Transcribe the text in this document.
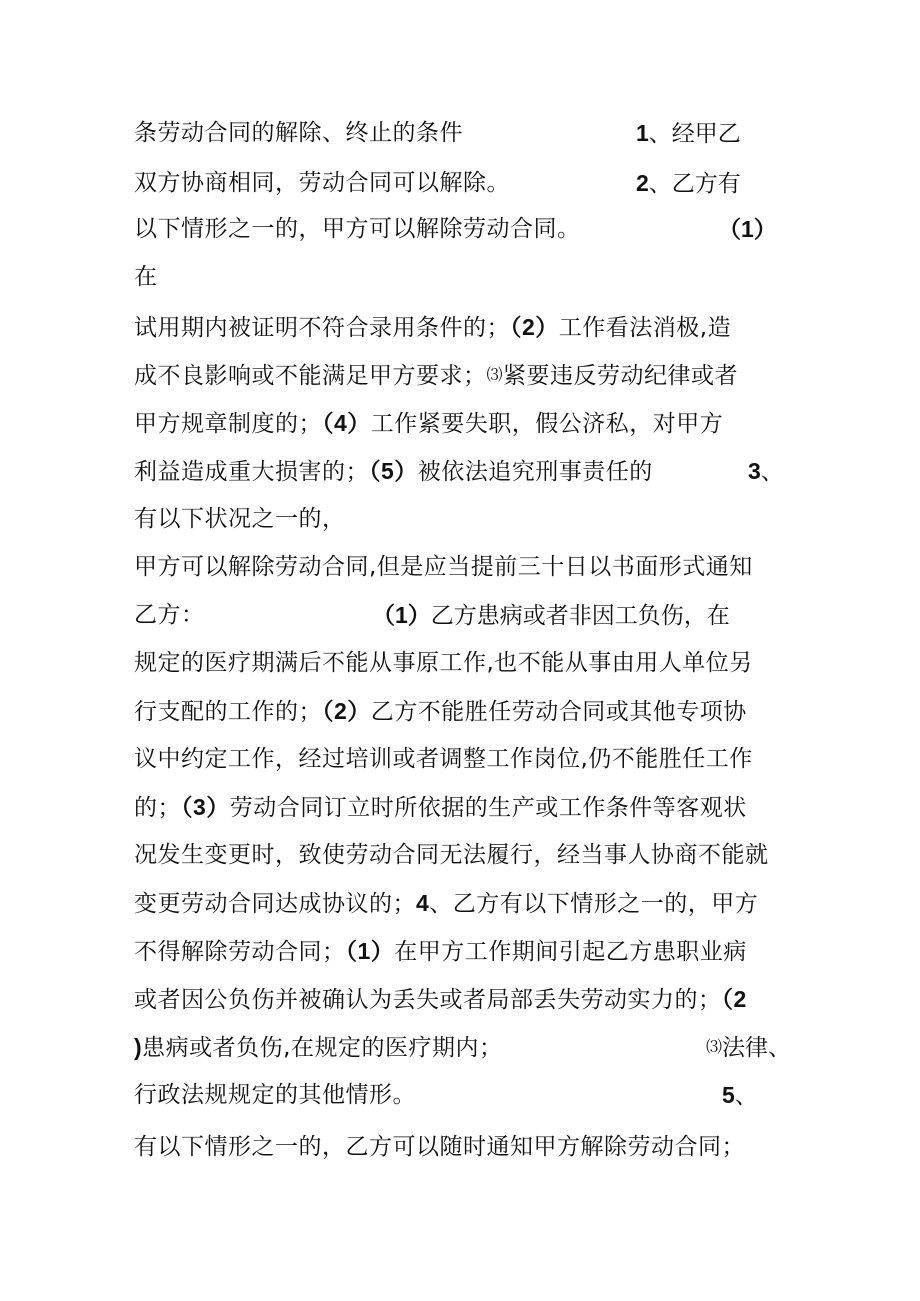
条劳动合同的解除、终止的条件	1、经甲乙
双方协商相同，劳动合同可以解除。	2、乙方有
以下情形之一的，甲方可以解除劳动合同。	（1）
在
试用期内被证明不符合录用条件的；（2）工作看法消极,造
成不良影响或不能满足甲方要求；⑶紧要违反劳动纪律或者
甲方规章制度的；（4）工作紧要失职，假公济私，对甲方
利益造成重大损害的；（5）被依法追究刑事责任的	3、
有以下状况之一的，
甲方可以解除劳动合同,但是应当提前三十日以书面形式通知
乙方：	（1）乙方患病或者非因工负伤，在
规定的医疗期满后不能从事原工作,也不能从事由用人单位另
行支配的工作的；（2）乙方不能胜任劳动合同或其他专项协
议中约定工作，经过培训或者调整工作岗位,仍不能胜任工作
的；（3）劳动合同订立时所依据的生产或工作条件等客观状
况发生变更时，致使劳动合同无法履行，经当事人协商不能就
变更劳动合同达成协议的；4、乙方有以下情形之一的，甲方
不得解除劳动合同；（1）在甲方工作期间引起乙方患职业病
或者因公负伤并被确认为丢失或者局部丢失劳动实力的；（2
)患病或者负伤,在规定的医疗期内；	⑶法律、
行政法规规定的其他情形。	5、
有以下情形之一的，乙方可以随时通知甲方解除劳动合同；
